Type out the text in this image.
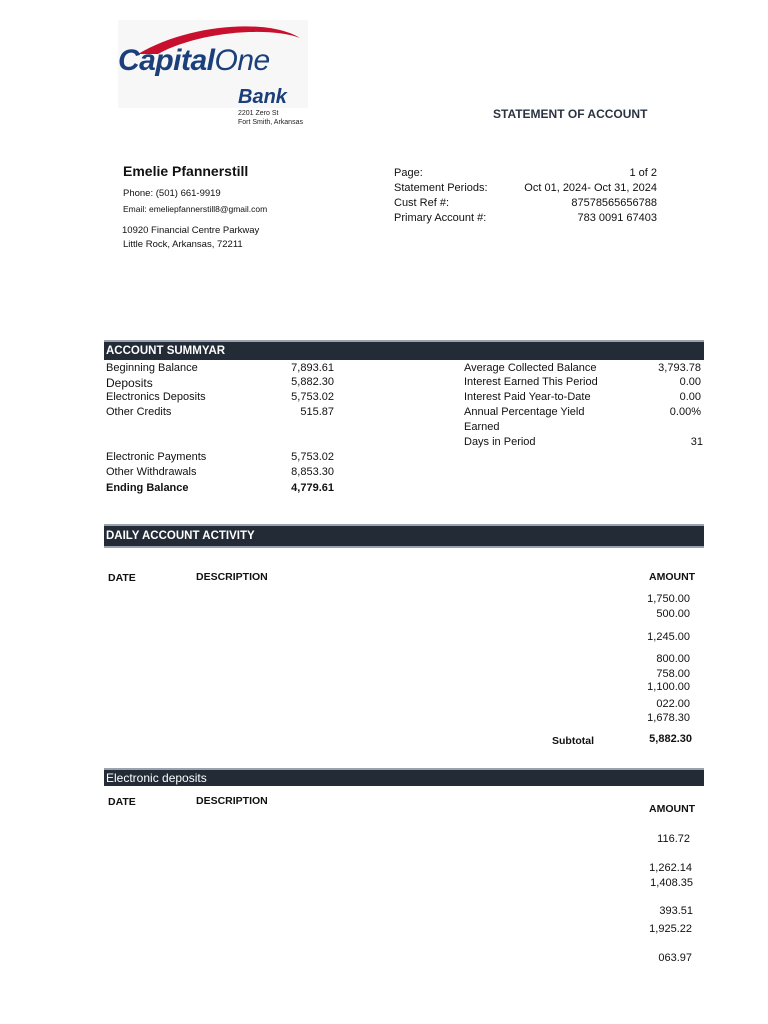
CapitalOne
Bank
2201 Zero St
Fort Smith, Arkansas
STATEMENT OF ACCOUNT
Emelie Pfannerstill
Phone: (501) 661-9919
Email: emeliepfannerstill8@gmail.com
10920 Financial Centre Parkway
Little Rock, Arkansas, 72211
Page:	1 of 2
Statement Periods:	Oct 01, 2024- Oct 31, 2024
Cust Ref #:	87578565656788
Primary Account #:	783 0091 67403
ACCOUNT SUMMYAR
Beginning Balance	7,893.61
Deposits	5,882.30
Electronics Deposits	5,753.02
Other Credits	515.87
Electronic Payments	5,753.02
Other Withdrawals	8,853.30
Ending Balance	4,779.61
Average Collected Balance	3,793.78
Interest Earned This Period	0.00
Interest Paid Year-to-Date	0.00
Annual Percentage Yield	0.00%
Earned
Days in Period	31
DAILY ACCOUNT ACTIVITY
DATE	DESCRIPTION	AMOUNT
1,750.00
500.00
1,245.00
800.00
758.00
1,100.00
022.00
1,678.30
Subtotal	5,882.30
Electronic deposits
DATE	DESCRIPTION
AMOUNT
116.72
1,262.14
1,408.35
393.51
1,925.22
063.97
